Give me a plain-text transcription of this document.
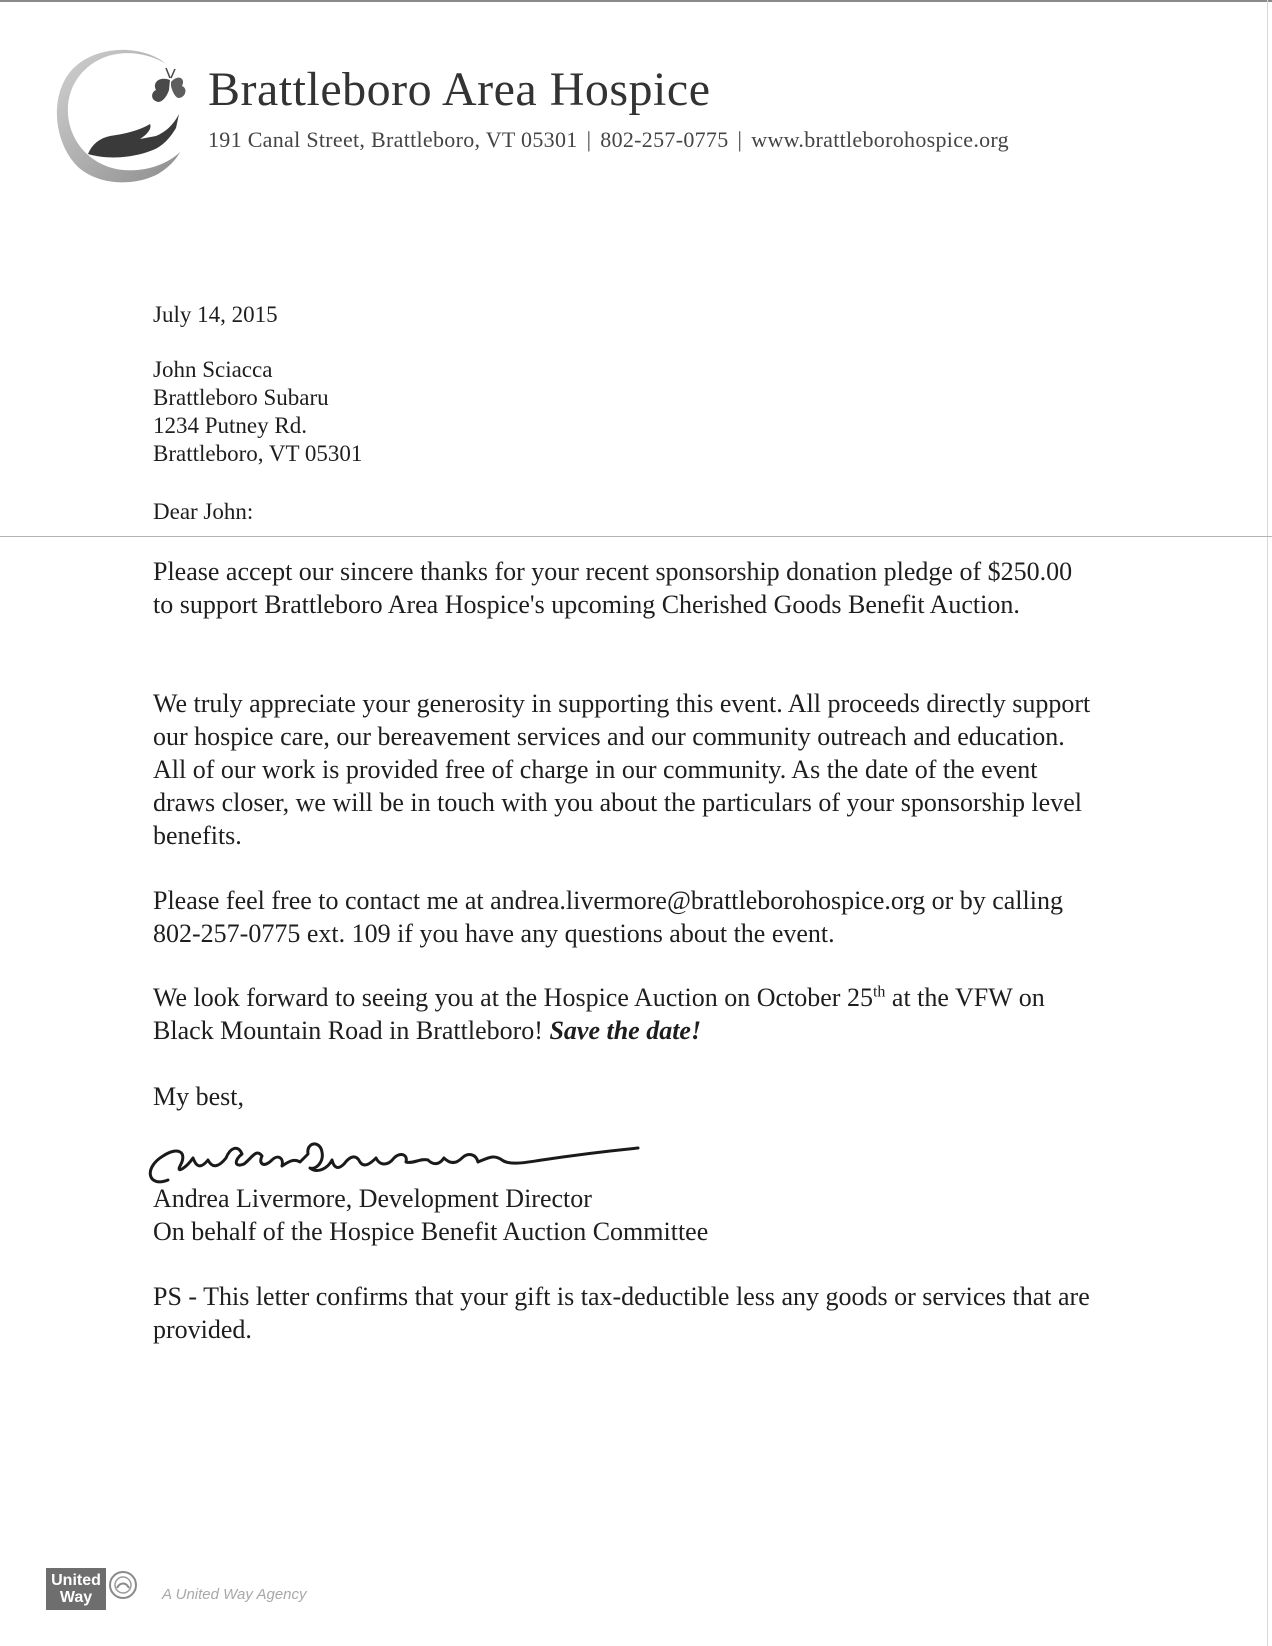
Brattleboro Area Hospice
191 Canal Street, Brattleboro, VT 05301 | 802-257-0775 | www.brattleborohospice.org
July 14, 2015
John Sciacca
Brattleboro Subaru
1234 Putney Rd.
Brattleboro, VT 05301
Dear John:

Please accept our sincere thanks for your recent sponsorship donation pledge of $250.00 to support Brattleboro Area Hospice's upcoming Cherished Goods Benefit Auction.

We truly appreciate your generosity in supporting this event. All proceeds directly support our hospice care, our bereavement services and our community outreach and education. All of our work is provided free of charge in our community. As the date of the event draws closer, we will be in touch with you about the particulars of your sponsorship level benefits.

Please feel free to contact me at andrea.livermore@brattleborohospice.org or by calling 802-257-0775 ext. 109 if you have any questions about the event.

We look forward to seeing you at the Hospice Auction on October 25th at the VFW on Black Mountain Road in Brattleboro! Save the date!

My best,
Andrea Livermore, Development Director
On behalf of the Hospice Benefit Auction Committee

PS - This letter confirms that your gift is tax-deductible less any goods or services that are provided.

United
Way	A United Way Agency
